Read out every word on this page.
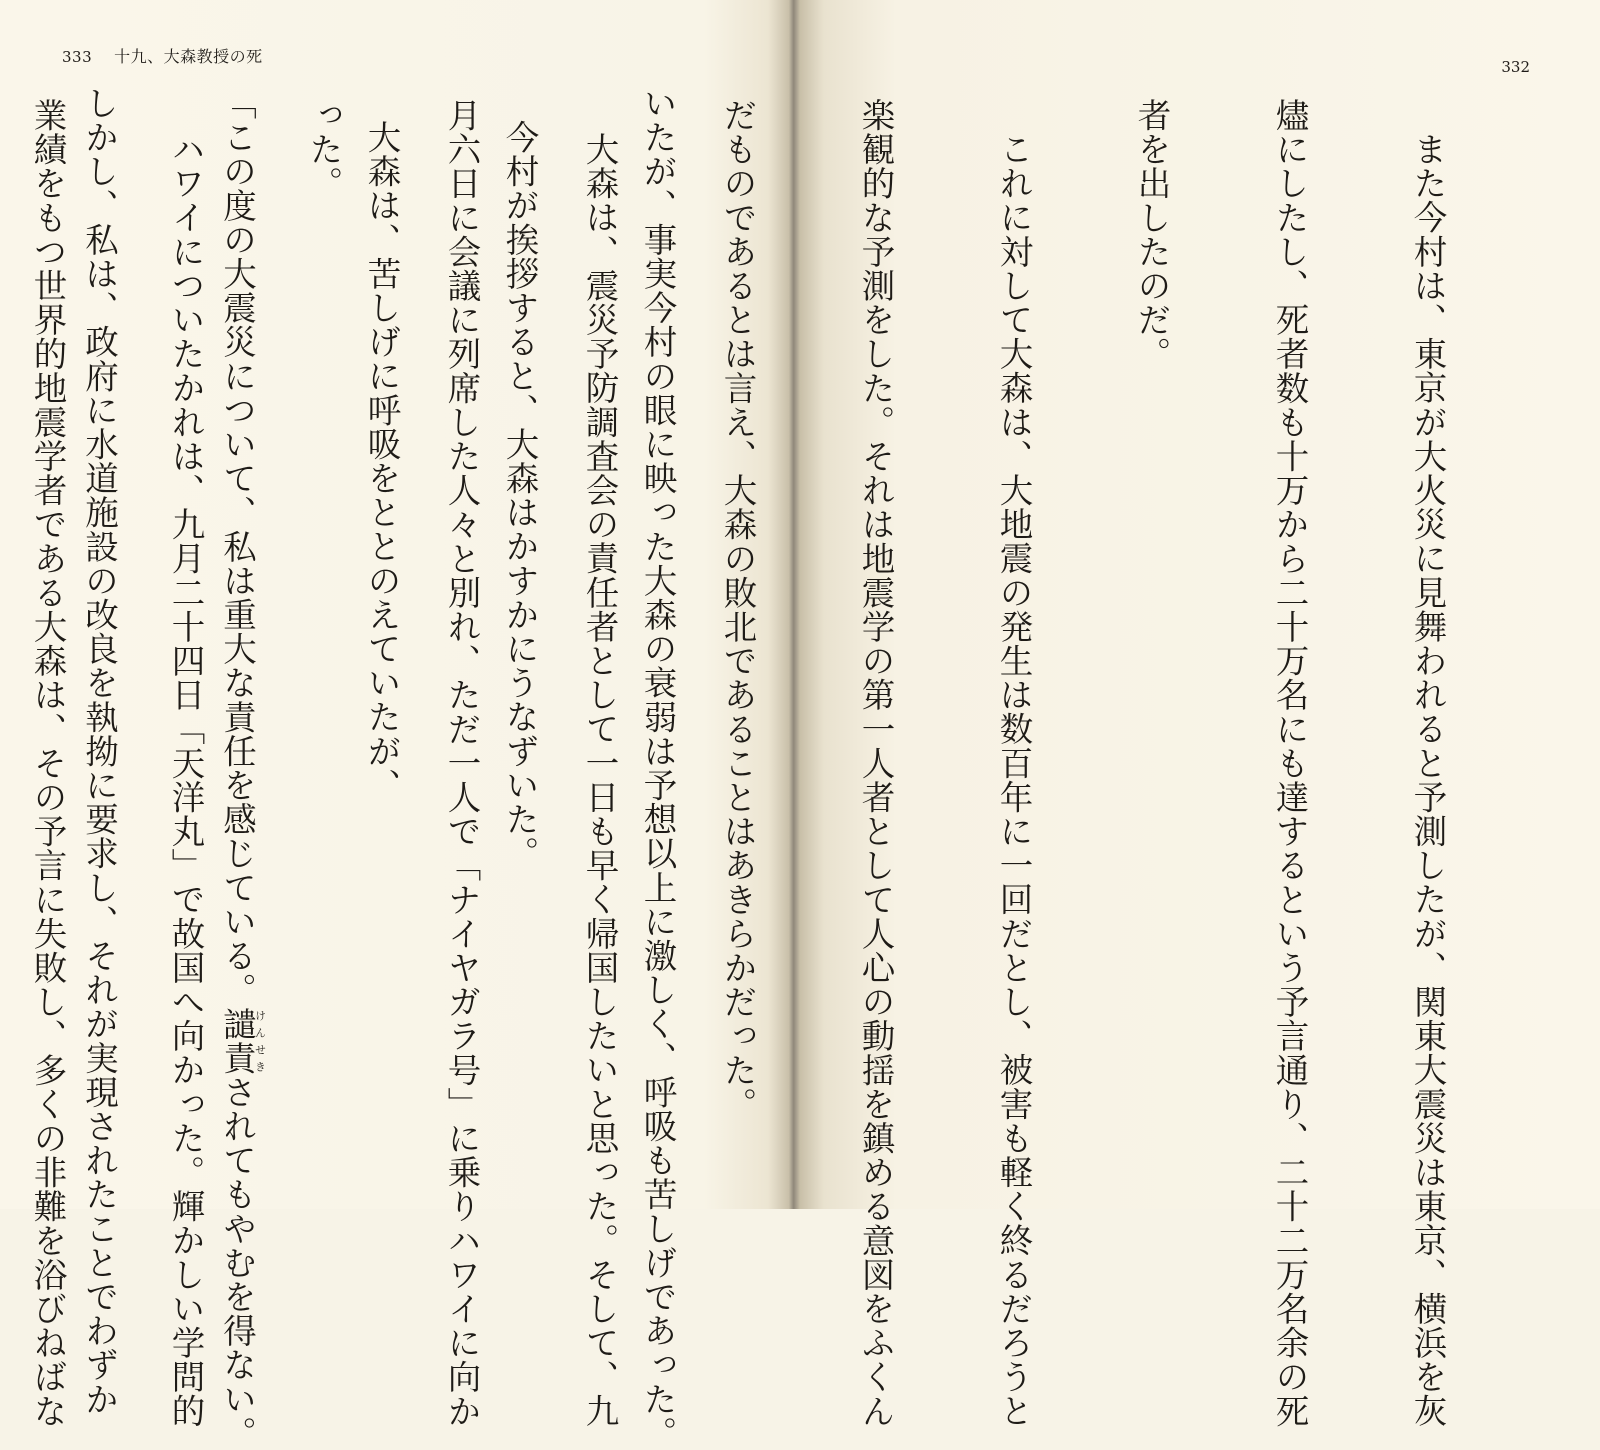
333 十九、大森教授の死

いたが、事実今村の眼に映った大森の衰弱は予想以上に激しく、呼吸も苦しげであった。

今村が挨拶すると、大森はかすかにうなずいた。

大森は、苦しげに呼吸をととのえていたが、

「この度の大震災について、私は重大な責任を感じている。譴責けんせきされてもやむを得ない。

しかし、私は、政府に水道施設の改良を執拗に要求し、それが実現されたことでわずか

332

また今村は、東京が大火災に見舞われると予測したが、関東大震災は東京、横浜を灰

燼にしたし、死者数も十万から二十万名にも達するという予言通り、二十二万名余の死

者を出したのだ。

これに対して大森は、大地震の発生は数百年に一回だとし、被害も軽く終るだろうと

楽観的な予測をした。それは地震学の第一人者として人心の動揺を鎮める意図をふくん

だものであるとは言え、大森の敗北であることはあきらかだった。

大森は、震災予防調査会の責任者として一日も早く帰国したいと思った。そして、九

月六日に会議に列席した人々と別れ、ただ一人で「ナイヤガラ号」に乗りハワイに向か

った。

ハワイについたかれは、九月二十四日「天洋丸」で故国へ向かった。輝かしい学問的

業績をもつ世界的地震学者である大森は、その予言に失敗し、多くの非難を浴びねばな
